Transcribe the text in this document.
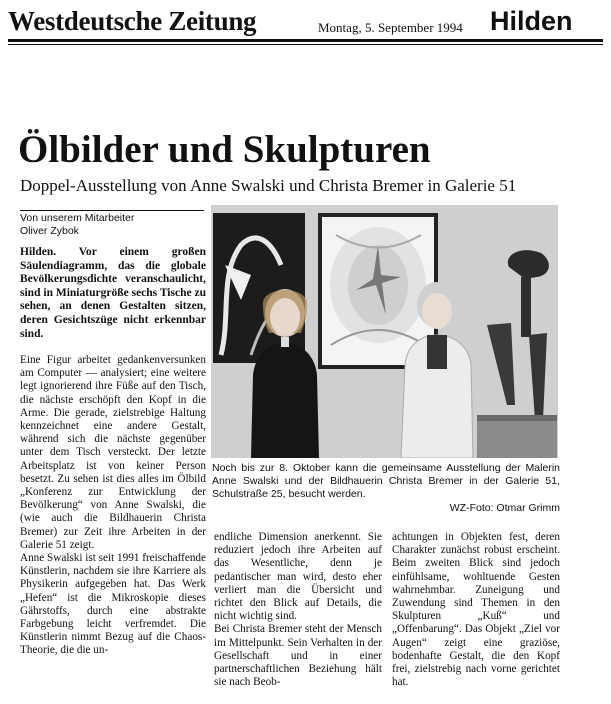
Westdeutsche Zeitung	Montag, 5. September 1994 Hilden
Ölbilder und Skulpturen
Doppel-Ausstellung von Anne Swalski und Christa Bremer in Galerie 51
Von unserem Mitarbeiter
Oliver Zybok
Hilden. Vor einem großen Säulendiagramm, das die globale Bevölkerungsdichte veranschaulicht, sind in Miniaturgröße sechs Tische zu sehen, an denen Gestalten sitzen, deren Gesichtszüge nicht erkennbar sind.

Eine Figur arbeitet gedankenversunken am Computer — analysiert; eine weitere legt ignorierend ihre Füße auf den Tisch, die nächste erschöpft den Kopf in die Arme. Die gerade, zielstrebige Haltung kennzeichnet eine andere Gestalt, während sich die nächste gegenüber unter dem Tisch versteckt. Der letzte Arbeitsplatz ist von keiner Person besetzt. Zu sehen ist dies alles im Ölbild „Konferenz zur Entwicklung der Bevölkerung“ von Anne Swalski, die (wie auch die Bildhauerin Christa Bremer) zur Zeit ihre Arbeiten in der Galerie 51 zeigt.

Anne Swalski ist seit 1991 freischaffende Künstlerin, nachdem sie ihre Karriere als Physikerin aufgegeben hat. Das Werk „Hefen“ ist die Mikroskopie dieses Gährstoffs, durch eine abstrakte Farbgebung leicht verfremdet. Die Künstlerin nimmt Bezug auf die Chaos-Theorie, die die un-

Noch bis zur 8. Oktober kann die gemeinsame Ausstellung der Malerin Anne Swalski und der Bildhauerin Christa Bremer in der Galerie 51, Schulstraße 25, besucht werden.
WZ-Foto: Otmar Grimm

endliche Dimension anerkennt. Sie reduziert jedoch ihre Arbeiten auf das Wesentliche, denn je pedantischer man wird, desto eher verliert man die Übersicht und richtet den Blick auf Details, die nicht wichtig sind.

Bei Christa Bremer steht der Mensch im Mittelpunkt. Sein Verhalten in der Gesellschaft und in einer partnerschaftlichen Beziehung hält sie nach Beob-

achtungen in Objekten fest, deren Charakter zunächst robust erscheint. Beim zweiten Blick sind jedoch einfühlsame, wohltuende Gesten wahrnehmbar. Zuneigung und Zuwendung sind Themen in den Skulpturen „Kuß“ und „Offenbarung“. Das Objekt „Ziel vor Augen“ zeigt eine graziöse, bodenhafte Gestalt, die den Kopf frei, zielstrebig nach vorne gerichtet hat.
